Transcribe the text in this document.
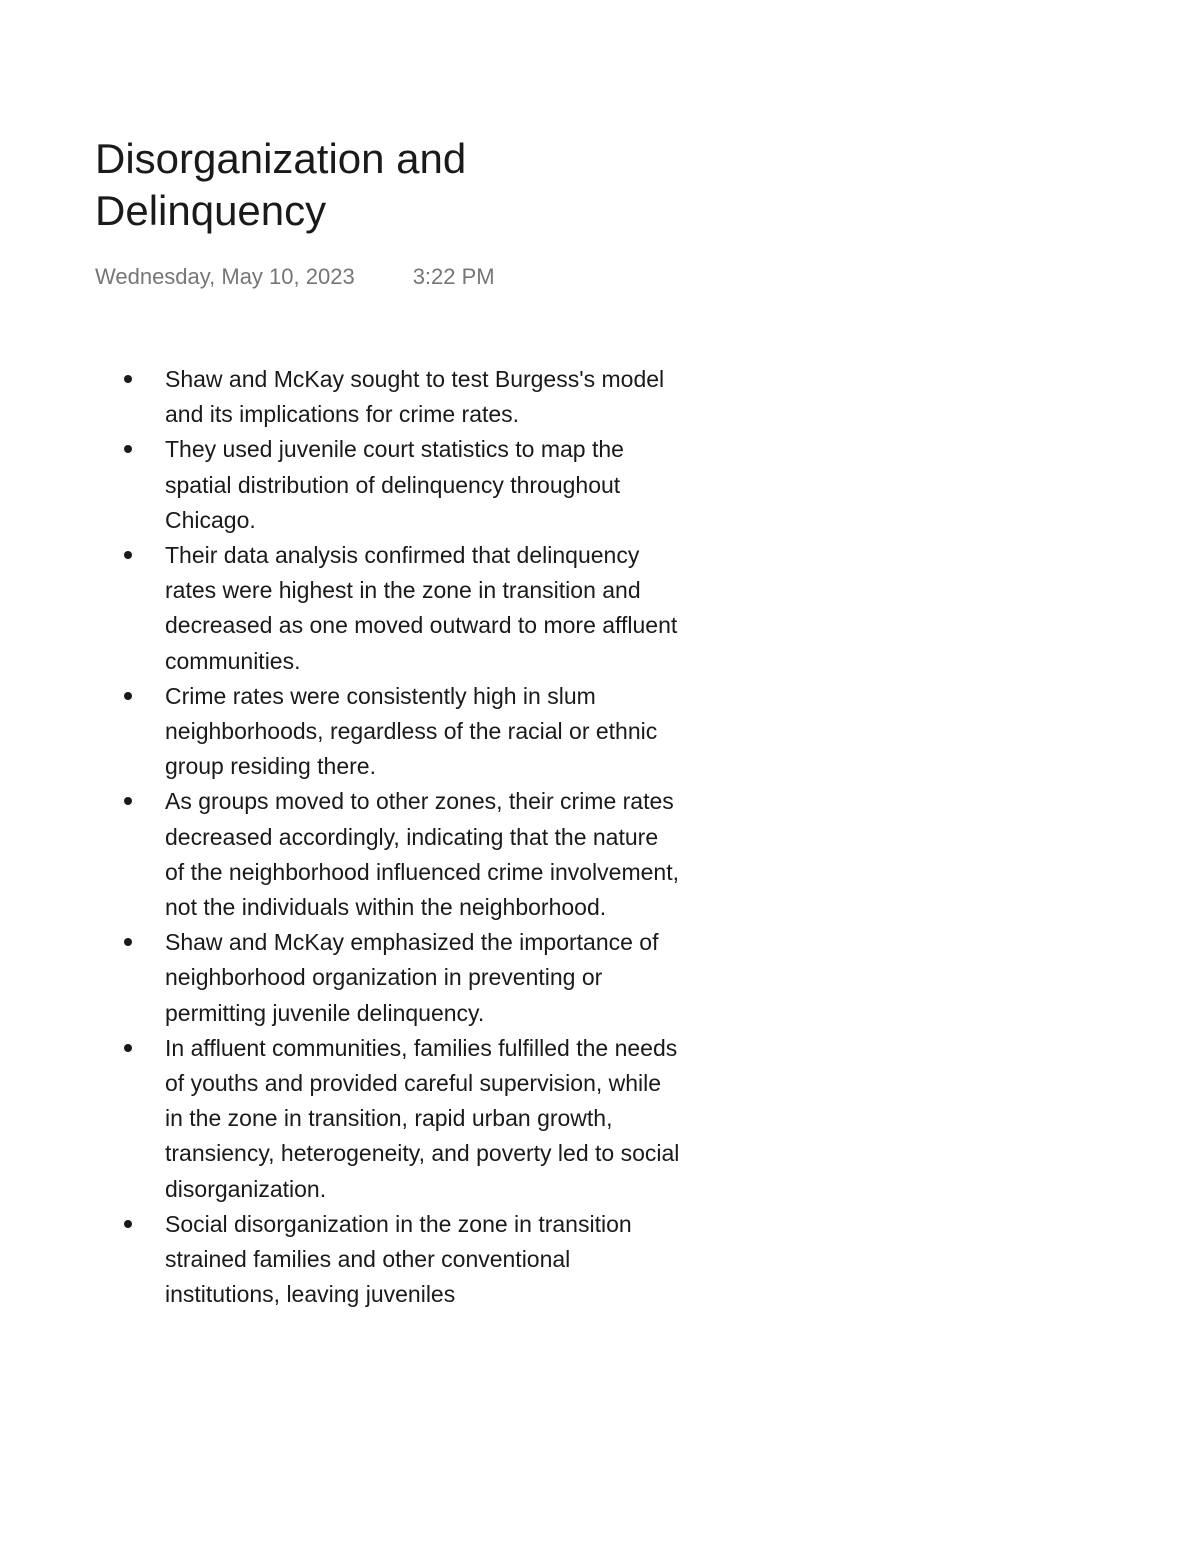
Disorganization and Delinquency
Wednesday, May 10, 2023	3:22 PM
Shaw and McKay sought to test Burgess's model and its implications for crime rates.
They used juvenile court statistics to map the spatial distribution of delinquency throughout Chicago.
Their data analysis confirmed that delinquency rates were highest in the zone in transition and decreased as one moved outward to more affluent communities.
Crime rates were consistently high in slum neighborhoods, regardless of the racial or ethnic group residing there.
As groups moved to other zones, their crime rates decreased accordingly, indicating that the nature of the neighborhood influenced crime involvement, not the individuals within the neighborhood.
Shaw and McKay emphasized the importance of neighborhood organization in preventing or permitting juvenile delinquency.
In affluent communities, families fulfilled the needs of youths and provided careful supervision, while in the zone in transition, rapid urban growth, transiency, heterogeneity, and poverty led to social disorganization.
Social disorganization in the zone in transition strained families and other conventional institutions, leaving juveniles
